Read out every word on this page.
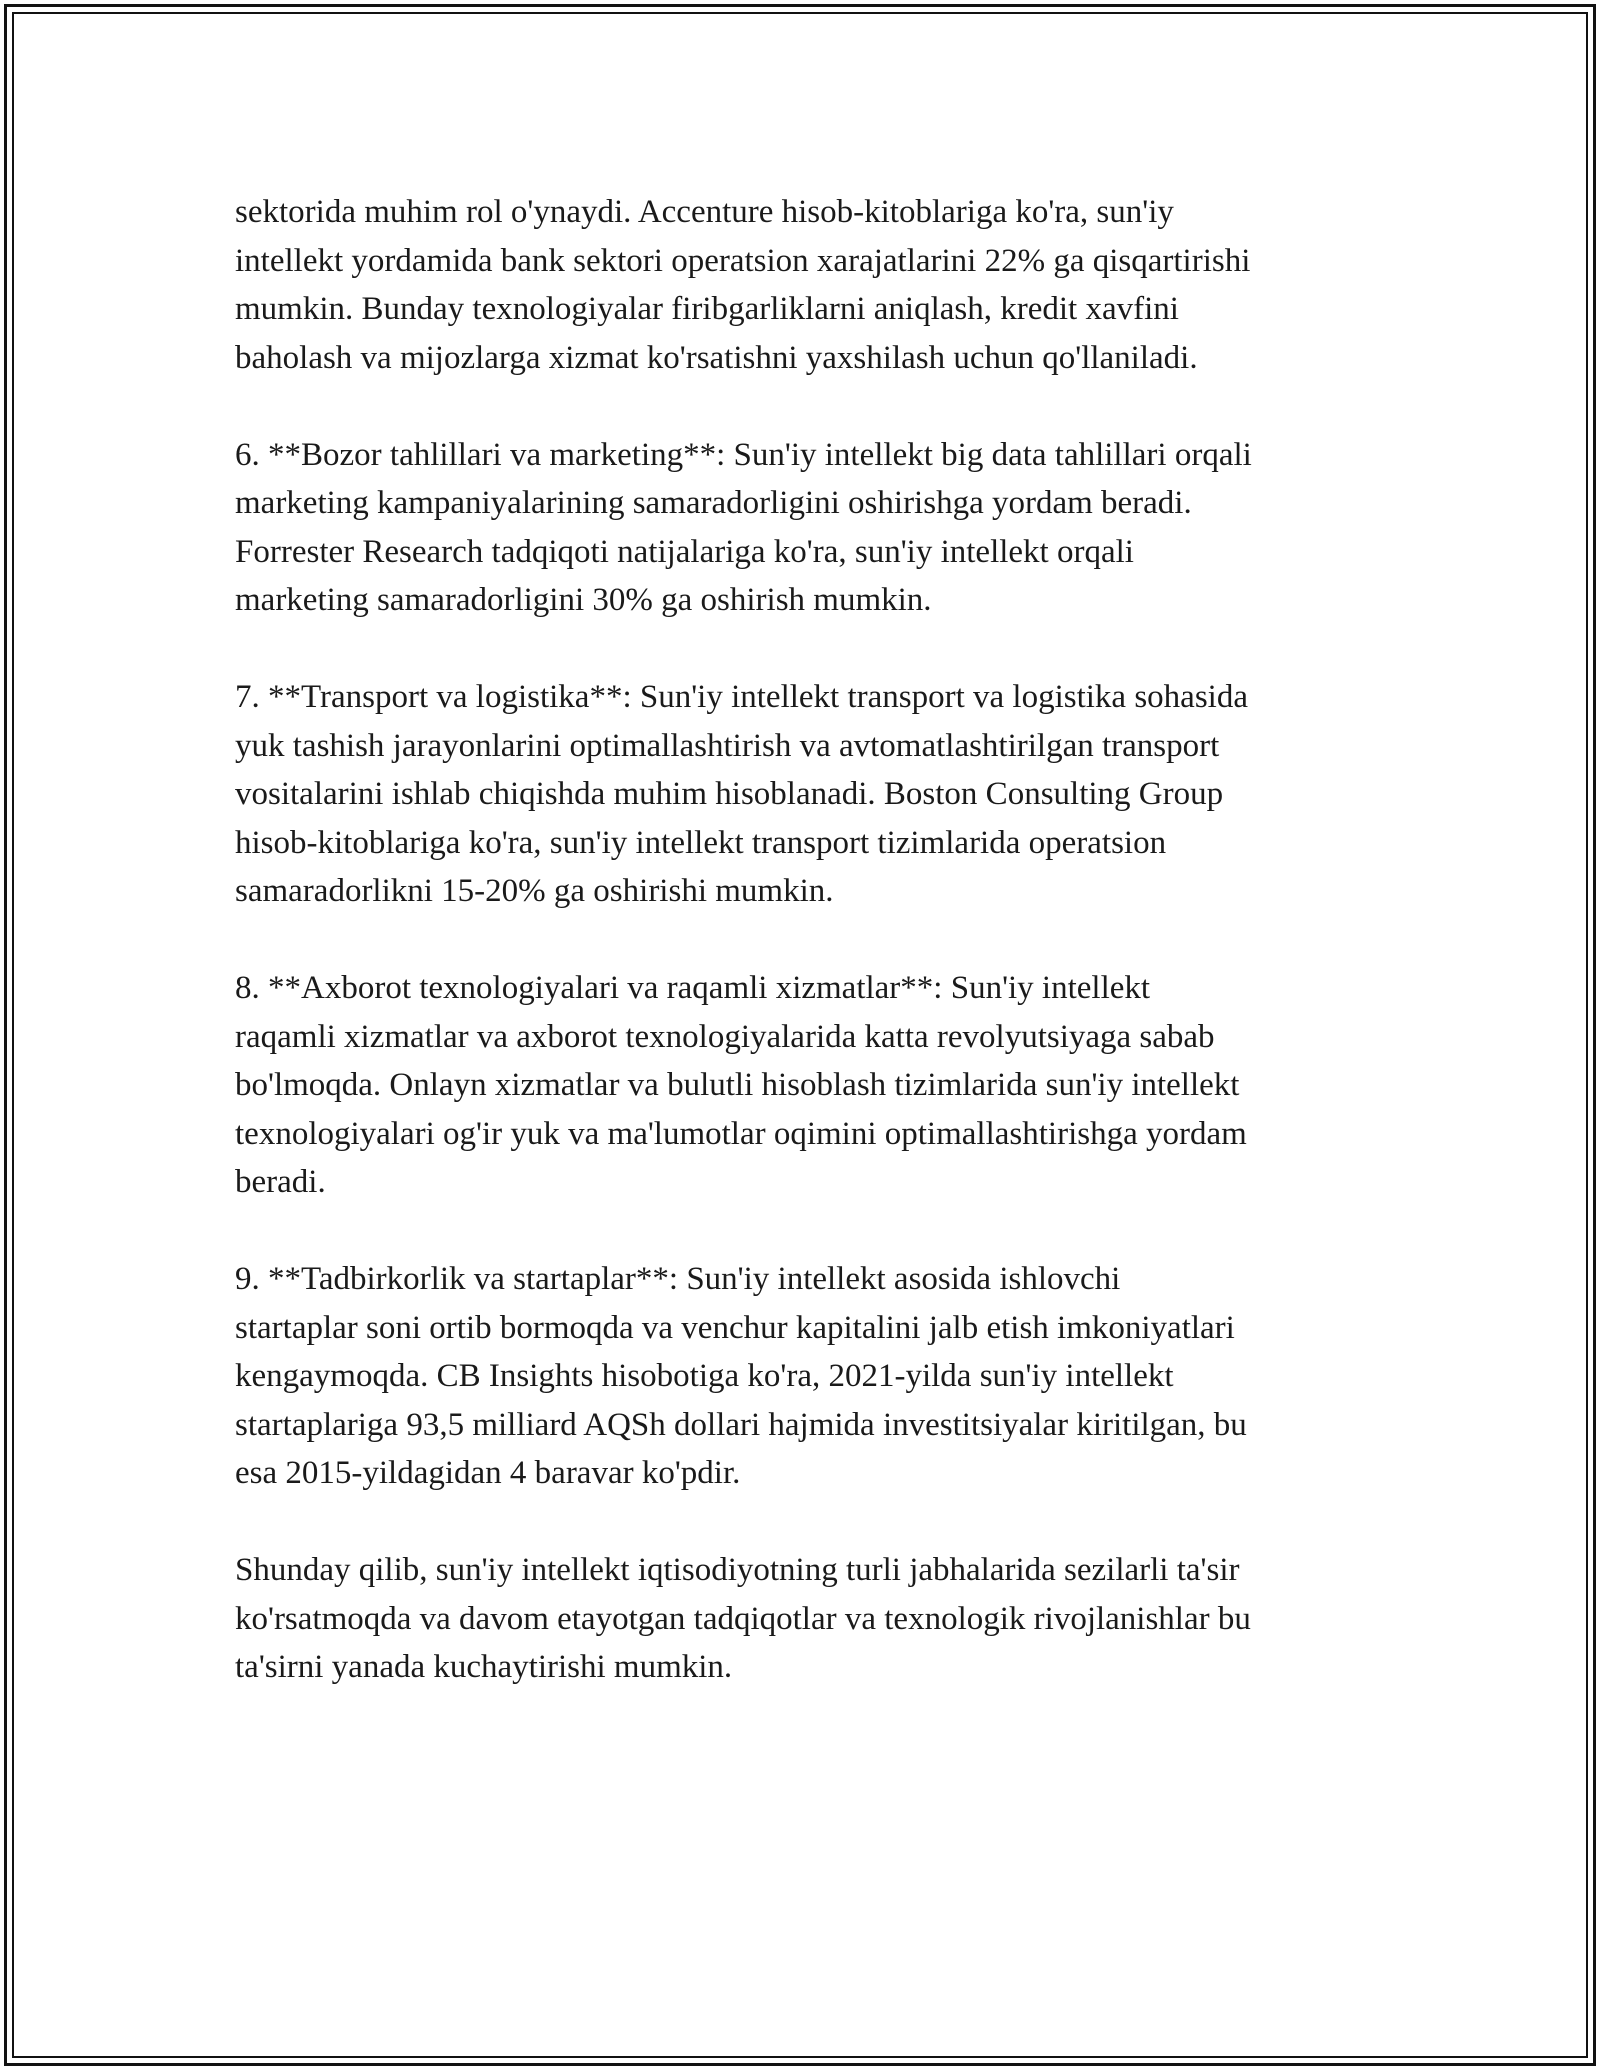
sektorida muhim rol o'ynaydi. Accenture hisob-kitoblariga ko'ra, sun'iy
intellekt yordamida bank sektori operatsion xarajatlarini 22% ga qisqartirishi
mumkin. Bunday texnologiyalar firibgarliklarni aniqlash, kredit xavfini
baholash va mijozlarga xizmat ko'rsatishni yaxshilash uchun qo'llaniladi.

6. **Bozor tahlillari va marketing**: Sun'iy intellekt big data tahlillari orqali
marketing kampaniyalarining samaradorligini oshirishga yordam beradi.
Forrester Research tadqiqoti natijalariga ko'ra, sun'iy intellekt orqali
marketing samaradorligini 30% ga oshirish mumkin.

7. **Transport va logistika**: Sun'iy intellekt transport va logistika sohasida
yuk tashish jarayonlarini optimallashtirish va avtomatlashtirilgan transport
vositalarini ishlab chiqishda muhim hisoblanadi. Boston Consulting Group
hisob-kitoblariga ko'ra, sun'iy intellekt transport tizimlarida operatsion
samaradorlikni 15-20% ga oshirishi mumkin.

8. **Axborot texnologiyalari va raqamli xizmatlar**: Sun'iy intellekt
raqamli xizmatlar va axborot texnologiyalarida katta revolyutsiyaga sabab
bo'lmoqda. Onlayn xizmatlar va bulutli hisoblash tizimlarida sun'iy intellekt
texnologiyalari og'ir yuk va ma'lumotlar oqimini optimallashtirishga yordam
beradi.

9. **Tadbirkorlik va startaplar**: Sun'iy intellekt asosida ishlovchi
startaplar soni ortib bormoqda va venchur kapitalini jalb etish imkoniyatlari
kengaymoqda. CB Insights hisobotiga ko'ra, 2021-yilda sun'iy intellekt
startaplariga 93,5 milliard AQSh dollari hajmida investitsiyalar kiritilgan, bu
esa 2015-yildagidan 4 baravar ko'pdir.

Shunday qilib, sun'iy intellekt iqtisodiyotning turli jabhalarida sezilarli ta'sir
ko'rsatmoqda va davom etayotgan tadqiqotlar va texnologik rivojlanishlar bu
ta'sirni yanada kuchaytirishi mumkin.
